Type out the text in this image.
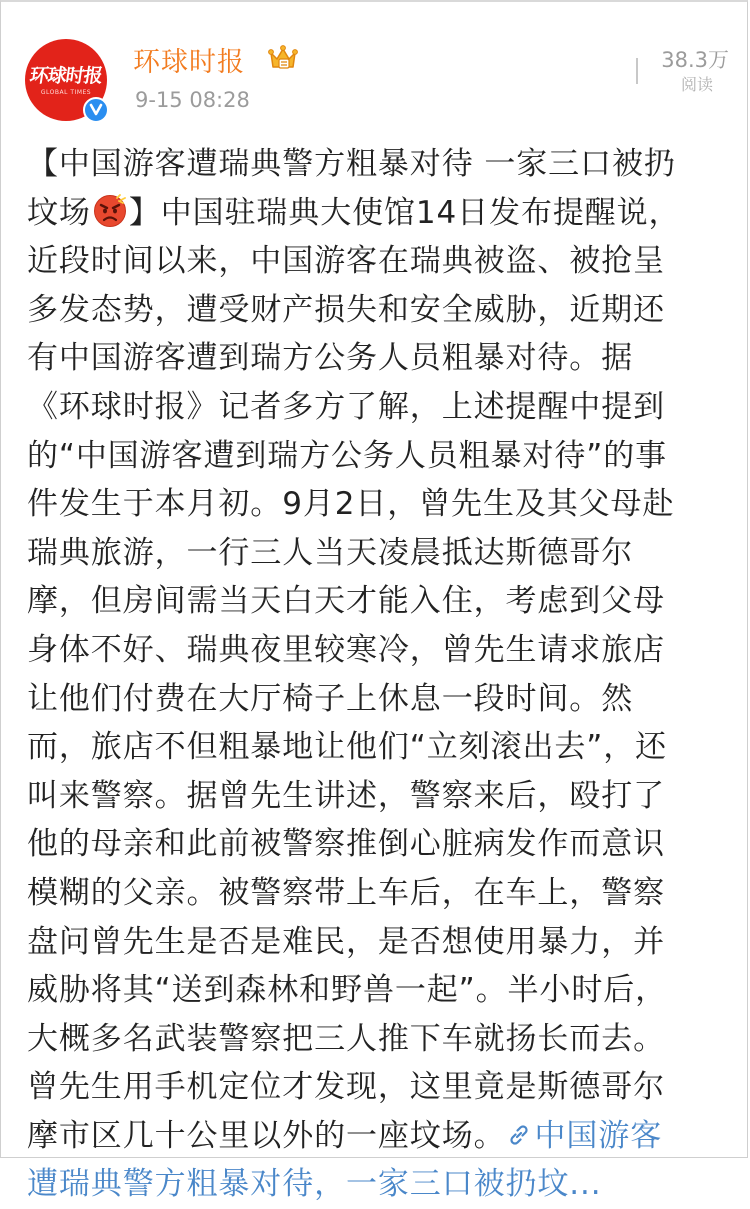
环球时报
GLOBAL TIMES
环球时报
9-15 08:28
38.3万
阅读
【中国游客遭瑞典警方粗暴对待 一家三口被扔
坟场 】中国驻瑞典大使馆14日发布提醒说，
近段时间以来，中国游客在瑞典被盗、被抢呈
多发态势，遭受财产损失和安全威胁，近期还
有中国游客遭到瑞方公务人员粗暴对待。据
《环球时报》记者多方了解，上述提醒中提到
的“中国游客遭到瑞方公务人员粗暴对待”的事
件发生于本月初。9月2日，曾先生及其父母赴
瑞典旅游，一行三人当天凌晨抵达斯德哥尔
摩，但房间需当天白天才能入住，考虑到父母
身体不好、瑞典夜里较寒冷，曾先生请求旅店
让他们付费在大厅椅子上休息一段时间。然
而，旅店不但粗暴地让他们“立刻滚出去”，还
叫来警察。据曾先生讲述，警察来后，殴打了
他的母亲和此前被警察推倒心脏病发作而意识
模糊的父亲。被警察带上车后，在车上，警察
盘问曾先生是否是难民，是否想使用暴力，并
威胁将其“送到森林和野兽一起”。半小时后，
大概多名武装警察把三人推下车就扬长而去。
曾先生用手机定位才发现，这里竟是斯德哥尔
摩市区几十公里以外的一座坟场。 中国游客
遭瑞典警方粗暴对待，一家三口被扔坟...
